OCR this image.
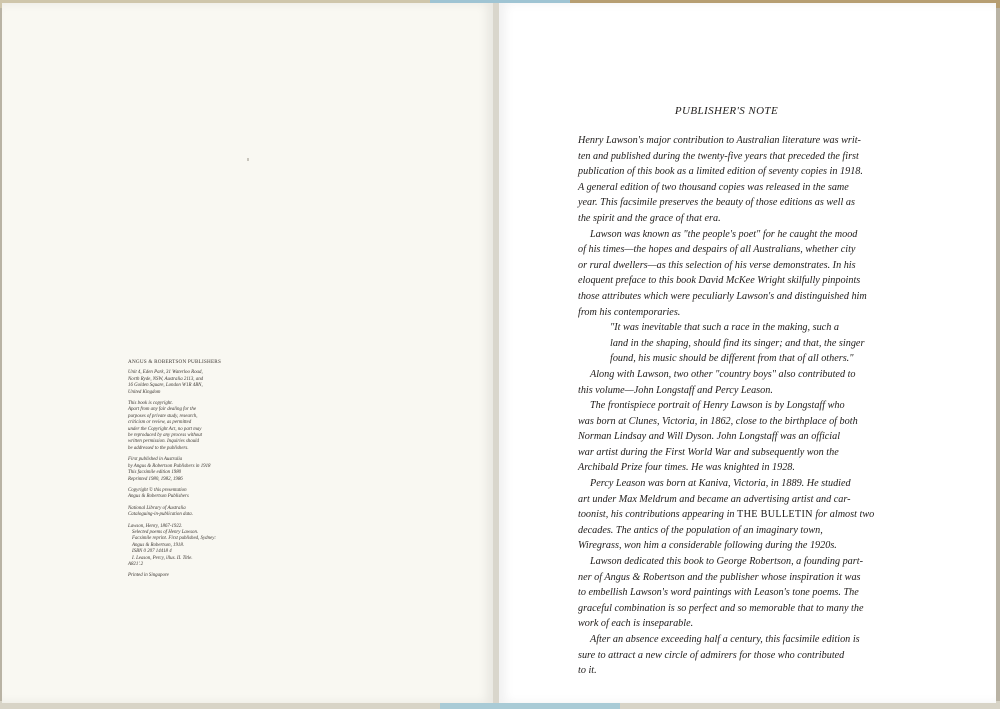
ANGUS & ROBERTSON PUBLISHERS

Unit 4, Eden Park, 31 Waterloo Road,
North Ryde, NSW, Australia 2113, and
16 Golden Square, London W1R 4BN,
United Kingdom

This book is copyright.
Apart from any fair dealing for the
purposes of private study, research,
criticism or review, as permitted
under the Copyright Act, no part may
be reproduced by any process without
written permission. Inquiries should
be addressed to the publishers.

First published in Australia
by Angus & Robertson Publishers in 1918
This facsimile edition 1980
Reprinted 1980, 1982, 1986

Copyright © this presentation
Angus & Robertson Publishers

National Library of Australia
Cataloguing-in-publication data.

Lawson, Henry, 1867-1922.
Selected poems of Henry Lawson.
Facsimile reprint. First published, Sydney:
Angus & Robertson, 1918.
ISBN 0 207 14418 4
I. Leason, Percy, illus. II. Title.
A821'.2

Printed in Singapore

PUBLISHER'S NOTE
Henry Lawson's major contribution to Australian literature was writ-
ten and published during the twenty-five years that preceded the first
publication of this book as a limited edition of seventy copies in 1918.
A general edition of two thousand copies was released in the same
year. This facsimile preserves the beauty of those editions as well as
the spirit and the grace of that era.
Lawson was known as "the people's poet" for he caught the mood
of his times—the hopes and despairs of all Australians, whether city
or rural dwellers—as this selection of his verse demonstrates. In his
eloquent preface to this book David McKee Wright skilfully pinpoints
those attributes which were peculiarly Lawson's and distinguished him
from his contemporaries.
"It was inevitable that such a race in the making, such a
land in the shaping, should find its singer; and that, the singer
found, his music should be different from that of all others."
Along with Lawson, two other "country boys" also contributed to
this volume—John Longstaff and Percy Leason.
The frontispiece portrait of Henry Lawson is by Longstaff who
was born at Clunes, Victoria, in 1862, close to the birthplace of both
Norman Lindsay and Will Dyson. John Longstaff was an official
war artist during the First World War and subsequently won the
Archibald Prize four times. He was knighted in 1928.
Percy Leason was born at Kaniva, Victoria, in 1889. He studied
art under Max Meldrum and became an advertising artist and car-
toonist, his contributions appearing in THE BULLETIN for almost two
decades. The antics of the population of an imaginary town,
Wiregrass, won him a considerable following during the 1920s.
Lawson dedicated this book to George Robertson, a founding part-
ner of Angus & Robertson and the publisher whose inspiration it was
to embellish Lawson's word paintings with Leason's tone poems. The
graceful combination is so perfect and so memorable that to many the
work of each is inseparable.
After an absence exceeding half a century, this facsimile edition is
sure to attract a new circle of admirers for those who contributed
to it.
